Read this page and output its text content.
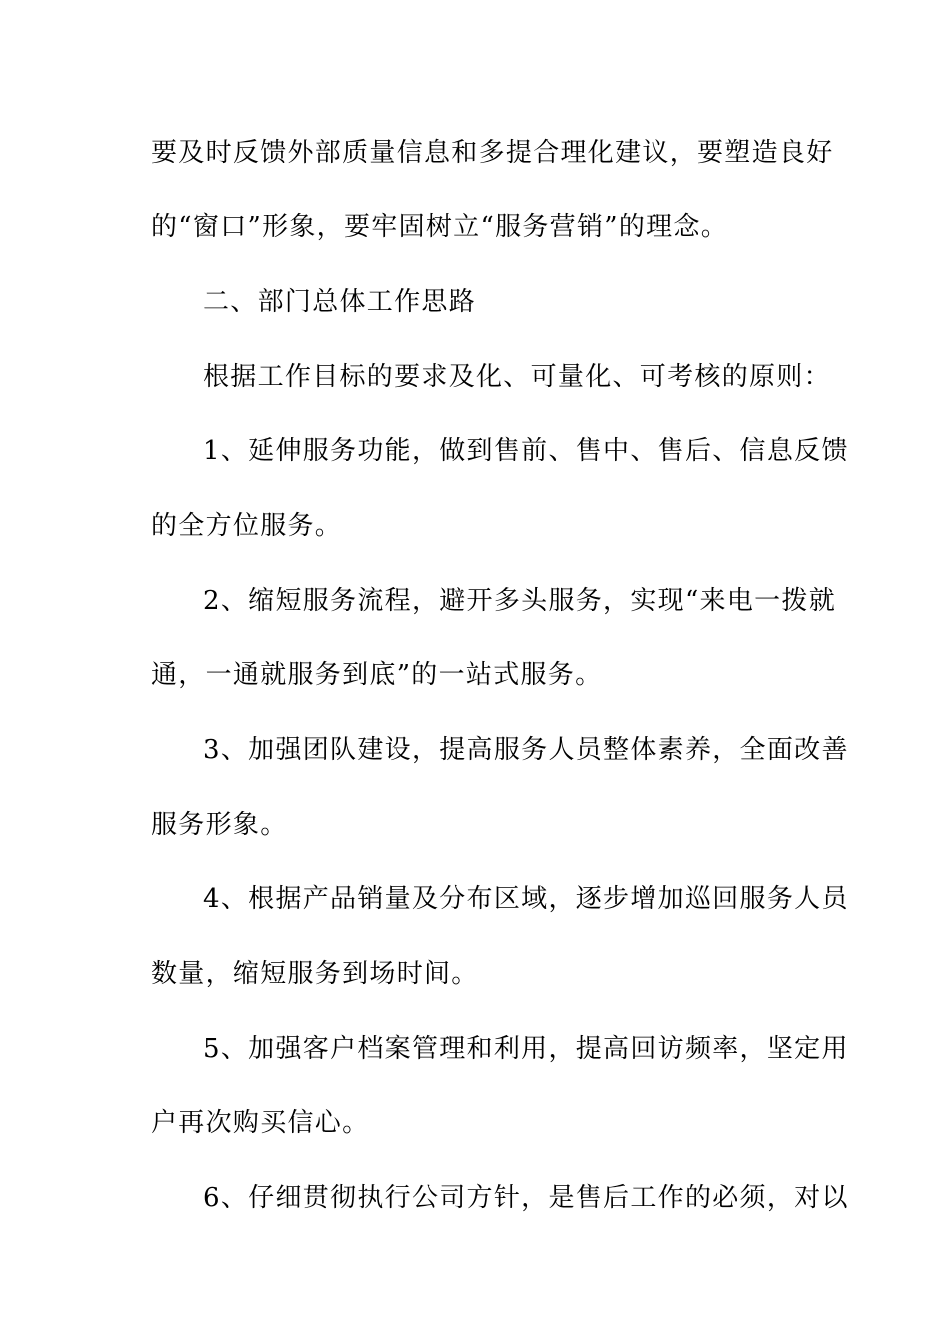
要及时反馈外部质量信息和多提合理化建议，要塑造良好
的“窗口”形象，要牢固树立“服务营销”的理念。
二、部门总体工作思路
根据工作目标的要求及化、可量化、可考核的原则：
1、延伸服务功能，做到售前、售中、售后、信息反馈
的全方位服务。
2、缩短服务流程，避开多头服务，实现“来电一拨就
通，一通就服务到底”的一站式服务。
3、加强团队建设，提高服务人员整体素养，全面改善
服务形象。
4、根据产品销量及分布区域，逐步增加巡回服务人员
数量，缩短服务到场时间。
5、加强客户档案管理和利用，提高回访频率，坚定用
户再次购买信心。
6、仔细贯彻执行公司方针，是售后工作的必须，对以
